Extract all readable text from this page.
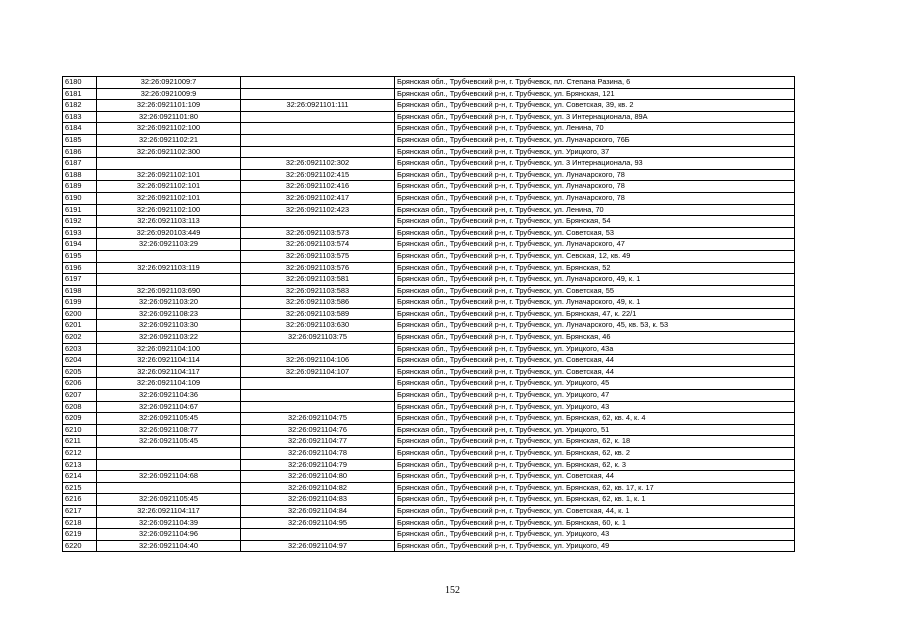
6180	32:26:0921009:7		Брянская обл., Трубчевский р-н, г. Трубчевск, пл. Степана Разина, 6
6181	32:26:0921009:9		Брянская обл., Трубчевский р-н, г. Трубчевск, ул. Брянская, 121
6182	32:26:0921101:109	32:26:0921101:111	Брянская обл., Трубчевский р-н, г. Трубчевск, ул. Советская, 39, кв. 2
6183	32:26:0921101:80		Брянская обл., Трубчевский р-н, г. Трубчевск, ул. 3 Интернационала, 89А
6184	32:26:0921102:100		Брянская обл., Трубчевский р-н, г. Трубчевск, ул. Ленина, 70
6185	32:26:0921102:21		Брянская обл., Трубчевский р-н, г. Трубчевск, ул. Луначарского, 76Б
6186	32:26:0921102:300		Брянская обл., Трубчевский р-н, г. Трубчевск, ул. Урицкого, 37
6187		32:26:0921102:302	Брянская обл., Трубчевский р-н, г. Трубчевск, ул. 3 Интернационала, 93
6188	32:26:0921102:101	32:26:0921102:415	Брянская обл., Трубчевский р-н, г. Трубчевск, ул. Луначарского, 78
6189	32:26:0921102:101	32:26:0921102:416	Брянская обл., Трубчевский р-н, г. Трубчевск, ул. Луначарского, 78
6190	32:26:0921102:101	32:26:0921102:417	Брянская обл., Трубчевский р-н, г. Трубчевск, ул. Луначарского, 78
6191	32:26:0921102:100	32:26:0921102:423	Брянская обл., Трубчевский р-н, г. Трубчевск, ул. Ленина, 70
6192	32:26:0921103:113		Брянская обл., Трубчевский р-н, г. Трубчевск, ул. Брянская, 54
6193	32:26:0920103:449	32:26:0921103:573	Брянская обл., Трубчевский р-н, г. Трубчевск, ул. Советская, 53
6194	32:26:0921103:29	32:26:0921103:574	Брянская обл., Трубчевский р-н, г. Трубчевск, ул. Луначарского, 47
6195		32:26:0921103:575	Брянская обл., Трубчевский р-н, г. Трубчевск, ул. Севская, 12, кв. 49
6196	32:26:0921103:119	32:26:0921103:576	Брянская обл., Трубчевский р-н, г. Трубчевск, ул. Брянская, 52
6197		32:26:0921103:581	Брянская обл., Трубчевский р-н, г. Трубчевск, ул. Луначарского, 49, к. 1
6198	32:26:0921103:690	32:26:0921103:583	Брянская обл., Трубчевский р-н, г. Трубчевск, ул. Советская, 55
6199	32:26:0921103:20	32:26:0921103:586	Брянская обл., Трубчевский р-н, г. Трубчевск, ул. Луначарского, 49, к. 1
6200	32:26:0921108:23	32:26:0921103:589	Брянская обл., Трубчевский р-н, г. Трубчевск, ул. Брянская, 47, к. 22/1
6201	32:26:0921103:30	32:26:0921103:630	Брянская обл., Трубчевский р-н, г. Трубчевск, ул. Луначарского, 45, кв. 53, к. 53
6202	32:26:0921103:22	32:26:0921103:75	Брянская обл., Трубчевский р-н, г. Трубчевск, ул. Брянская, 46
6203	32:26:0921104:100		Брянская обл., Трубчевский р-н, г. Трубчевск, ул. Урицкого, 43а
6204	32:26:0921104:114	32:26:0921104:106	Брянская обл., Трубчевский р-н, г. Трубчевск, ул. Советская, 44
6205	32:26:0921104:117	32:26:0921104:107	Брянская обл., Трубчевский р-н, г. Трубчевск, ул. Советская, 44
6206	32:26:0921104:109		Брянская обл., Трубчевский р-н, г. Трубчевск, ул. Урицкого, 45
6207	32:26:0921104:36		Брянская обл., Трубчевский р-н, г. Трубчевск, ул. Урицкого, 47
6208	32:26:0921104:67		Брянская обл., Трубчевский р-н, г. Трубчевск, ул. Урицкого, 43
6209	32:26:0921105:45	32:26:0921104:75	Брянская обл., Трубчевский р-н, г. Трубчевск, ул. Брянская, 62, кв. 4, к. 4
6210	32:26:0921108:77	32:26:0921104:76	Брянская обл., Трубчевский р-н, г. Трубчевск, ул. Урицкого, 51
6211	32:26:0921105:45	32:26:0921104:77	Брянская обл., Трубчевский р-н, г. Трубчевск, ул. Брянская, 62, к. 18
6212		32:26:0921104:78	Брянская обл., Трубчевский р-н, г. Трубчевск, ул. Брянская, 62, кв. 2
6213		32:26:0921104:79	Брянская обл., Трубчевский р-н, г. Трубчевск, ул. Брянская, 62, к. 3
6214	32:26:0921104:68	32:26:0921104:80	Брянская обл., Трубчевский р-н, г. Трубчевск, ул. Советская, 44
6215		32:26:0921104:82	Брянская обл., Трубчевский р-н, г. Трубчевск, ул. Брянская, 62, кв. 17, к. 17
6216	32:26:0921105:45	32:26:0921104:83	Брянская обл., Трубчевский р-н, г. Трубчевск, ул. Брянская, 62, кв. 1, к. 1
6217	32:26:0921104:117	32:26:0921104:84	Брянская обл., Трубчевский р-н, г. Трубчевск, ул. Советская, 44, к. 1
6218	32:26:0921104:39	32:26:0921104:95	Брянская обл., Трубчевский р-н, г. Трубчевск, ул. Брянская, 60, к. 1
6219	32:26:0921104:96		Брянская обл., Трубчевский р-н, г. Трубчевск, ул. Урицкого, 43
6220	32:26:0921104:40	32:26:0921104:97	Брянская обл., Трубчевский р-н, г. Трубчевск, ул. Урицкого, 49
152
